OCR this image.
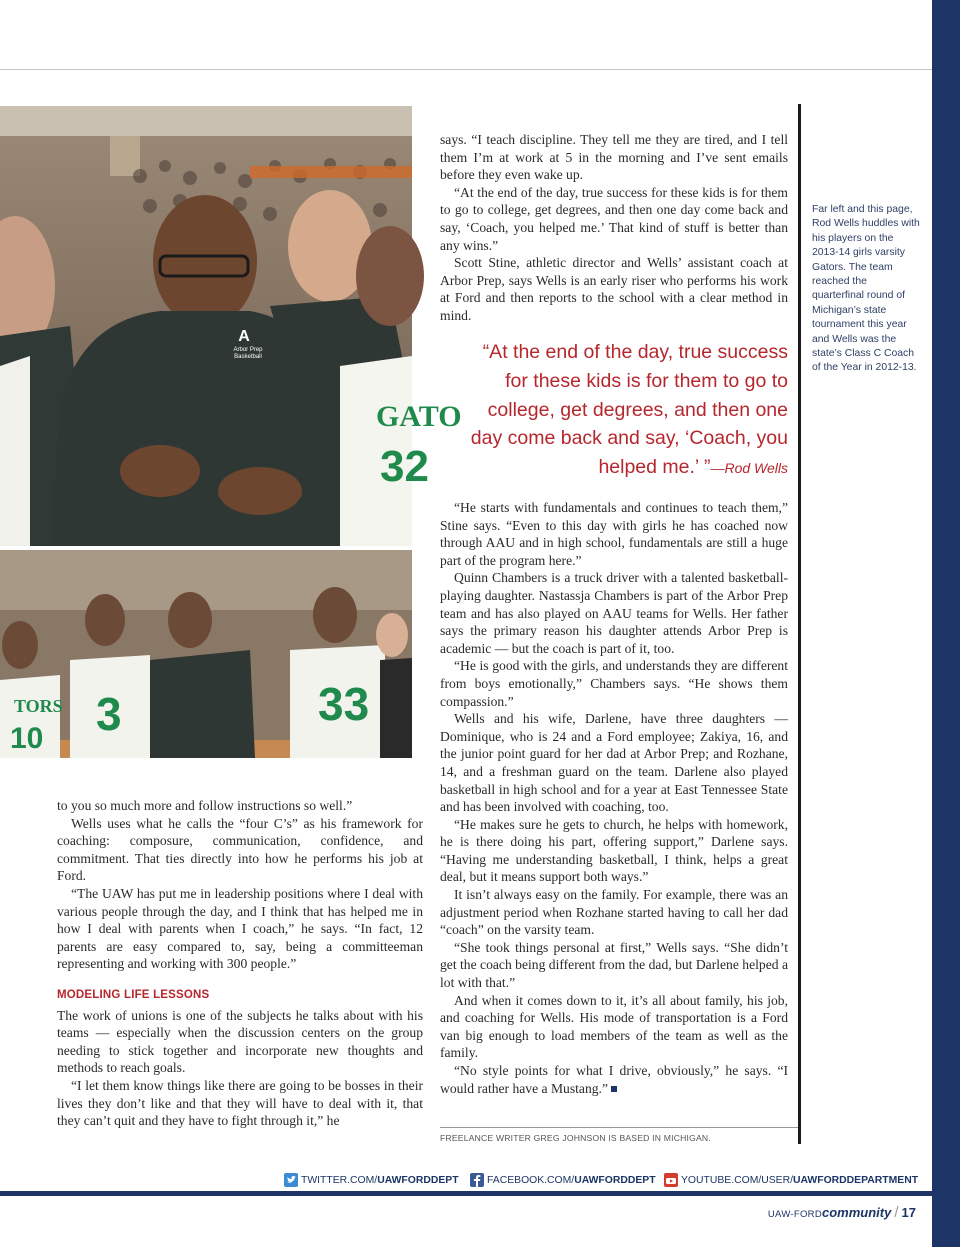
A
Arbor Prep
Basketball
GATO
32
3
TORS
10
33

to you so much more and follow instructions so well.”

Wells uses what he calls the “four C’s” as his framework for coaching: composure, communication, confidence, and commitment. That ties directly into how he performs his job at Ford.

“The UAW has put me in leadership positions where I deal with various people through the day, and I think that has helped me in how I deal with parents when I coach,” he says. “In fact, 12 parents are easy compared to, say, being a committeeman representing and working with 300 people.”

MODELING LIFE LESSONS

The work of unions is one of the subjects he talks about with his teams — especially when the discussion centers on the group needing to stick together and incorporate new thoughts and methods to reach goals.

“I let them know things like there are going to be bosses in their lives they don’t like and that they will have to deal with it, that they can’t quit and they have to fight through it,” he

says. “I teach discipline. They tell me they are tired, and I tell them I’m at work at 5 in the morning and I’ve sent emails before they even wake up.

“At the end of the day, true success for these kids is for them to go to college, get degrees, and then one day come back and say, ‘Coach, you helped me.’ That kind of stuff is better than any wins.”

Scott Stine, athletic director and Wells’ assistant coach at Arbor Prep, says Wells is an early riser who performs his work at Ford and then reports to the school with a clear method in mind.

“At the end of the day, true success for these kids is for them to go to college, get degrees, and then one day come back and say, ‘Coach, you helped me.’ ”—Rod Wells

“He starts with fundamentals and continues to teach them,” Stine says. “Even to this day with girls he has coached now through AAU and in high school, fundamentals are still a huge part of the program here.”

Quinn Chambers is a truck driver with a talented basketball-playing daughter. Nastassja Chambers is part of the Arbor Prep team and has also played on AAU teams for Wells. Her father says the primary reason his daughter attends Arbor Prep is academic — but the coach is part of it, too.

“He is good with the girls, and understands they are different from boys emotionally,” Chambers says. “He shows them compassion.”

Wells and his wife, Darlene, have three daughters — Dominique, who is 24 and a Ford employee; Zakiya, 16, and the junior point guard for her dad at Arbor Prep; and Rozhane, 14, and a freshman guard on the team. Darlene also played basketball in high school and for a year at East Tennessee State and has been involved with coaching, too.

“He makes sure he gets to church, he helps with homework, he is there doing his part, offering support,” Darlene says. “Having me understanding basketball, I think, helps a great deal, but it means support both ways.”

It isn’t always easy on the family. For example, there was an adjustment period when Rozhane started having to call her dad “coach” on the varsity team.

“She took things personal at first,” Wells says. “She didn’t get the coach being different from the dad, but Darlene helped a lot with that.”

And when it comes down to it, it’s all about family, his job, and coaching for Wells. His mode of transportation is a Ford van big enough to load members of the team as well as the family.

“No style points for what I drive, obviously,” he says. “I would rather have a Mustang.”

Far left and this page, Rod Wells huddles with his players on the 2013-14 girls varsity Gators. The team reached the quarterfinal round of Michigan’s state tournament this year and Wells was the state’s Class C Coach of the Year in 2012-13.
FREELANCE WRITER GREG JOHNSON IS BASED IN MICHIGAN.
TWITTER.COM/ UAWFORDDEPT	FACEBOOK.COM/ UAWFORDDEPT YOUTUBE.COM/USER/ UAWFORDDEPARTMENT
UAW-FORDcommunity / 17
